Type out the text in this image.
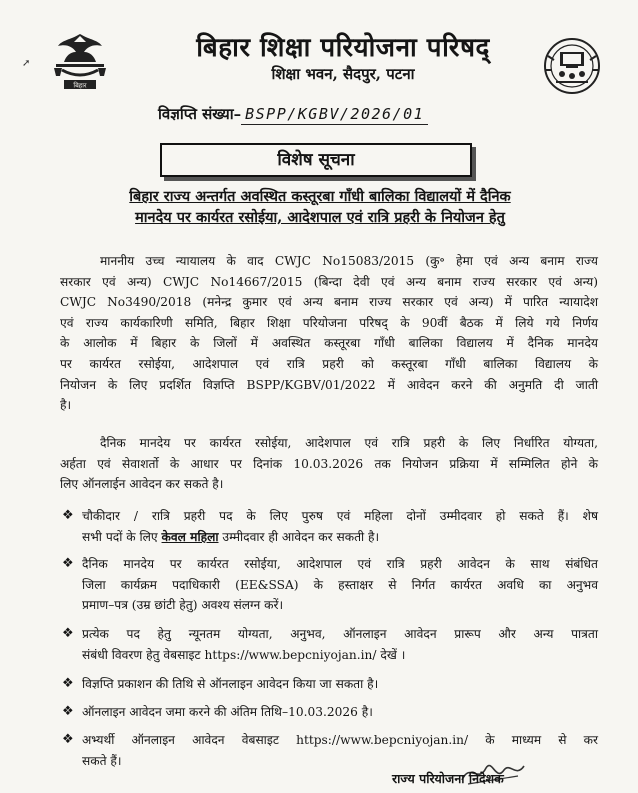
➚
बिहार
बिहार शिक्षा परियोजना परिषद्
शिक्षा भवन, सैदपुर, पटना
विज्ञप्ति संख्या– BSPP/KGBV/2026/01
विशेष सूचना
बिहार राज्य अन्तर्गत अवस्थित कस्तूरबा गाँधी बालिका विद्यालयों में दैनिक
मानदेय पर कार्यरत रसोईया, आदेशपाल एवं रात्रि प्रहरी के नियोजन हेतु
माननीय उच्च न्यायालय के वाद CWJC No15083/2015 (कु॰ हेमा एवं अन्य बनाम राज्य
सरकार एवं अन्य) CWJC No14667/2015 (बिन्दा देवी एवं अन्य बनाम राज्य सरकार एवं अन्य)
CWJC No3490/2018 (मनेन्द्र कुमार एवं अन्य बनाम राज्य सरकार एवं अन्य) में पारित न्यायादेश
एवं राज्य कार्यकारिणी समिति, बिहार शिक्षा परियोजना परिषद् के 90वीं बैठक में लिये गये निर्णय
के आलोक में बिहार के जिलों में अवस्थित कस्तूरबा गाँधी बालिका विद्यालय में दैनिक मानदेय
पर कार्यरत रसोईया, आदेशपाल एवं रात्रि प्रहरी को कस्तूरबा गाँधी बालिका विद्यालय के
नियोजन के लिए प्रदर्शित विज्ञप्ति BSPP/KGBV/01/2022 में आवेदन करने की अनुमति दी जाती
है।
दैनिक मानदेय पर कार्यरत रसोईया, आदेशपाल एवं रात्रि प्रहरी के लिए निर्धारित योग्यता,
अर्हता एवं सेवाशर्तो के आधार पर दिनांक 10.03.2026 तक नियोजन प्रक्रिया में सम्मिलित होने के
लिए ऑनलाईन आवेदन कर सकते है।
❖ चौकीदार / रात्रि प्रहरी पद के लिए पुरुष एवं महिला दोनों उम्मीदवार हो सकते हैं। शेष
सभी पदों के लिए केवल महिला उम्मीदवार ही आवेदन कर सकती है।
❖ दैनिक मानदेय पर कार्यरत रसोईया, आदेशपाल एवं रात्रि प्रहरी आवेदन के साथ संबंधित
जिला कार्यक्रम पदाधिकारी (EE&SSA) के हस्ताक्षर से निर्गत कार्यरत अवधि का अनुभव
प्रमाण–पत्र (उम्र छांटी हेतु) अवश्य संलग्न करें।
❖ प्रत्येक पद हेतु न्यूनतम योग्यता, अनुभव, ऑनलाइन आवेदन प्रारूप और अन्य पात्रता
संबंधी विवरण हेतु वेबसाइट https://www.bepcniyojan.in/ देखें ।
❖ विज्ञप्ति प्रकाशन की तिथि से ऑनलाइन आवेदन किया जा सकता है।
❖ ऑनलाइन आवेदन जमा करने की अंतिम तिथि–10.03.2026 है।
❖ अभ्यर्थी ऑनलाइन आवेदन वेबसाइट https://www.bepcniyojan.in/ के माध्यम से कर
सकते हैं।
राज्य परियोजना निदेशक
